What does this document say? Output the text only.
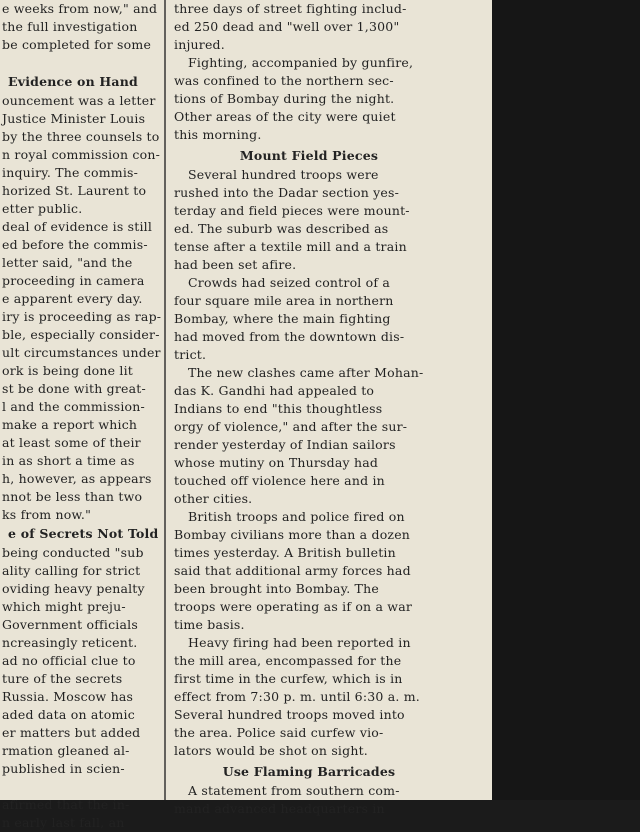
e weeks from now," and
the full investigation
be completed for some
Evidence on Hand
ouncement was a letter
Justice Minister Louis
by the three counsels to
n royal commission con-
inquiry. The commis-
horized St. Laurent to
etter public.
deal of evidence is still
ed before the commis-
letter said, "and the
proceeding in camera
e apparent every day.
iry is proceeding as rap-
ble, especially consider-
ult circumstances under
ork is being done lit
st be done with great-
l and the commission-
make a report which
at least some of their
in as short a time as
h, however, as appears
nnot be less than two
ks from now."
e of Secrets Not Told
being conducted "sub
ality calling for strict
oviding heavy penalty
which might preju-
Government officials
ncreasingly reticent.
ad no official clue to
ture of the secrets
Russia. Moscow has
aded data on atomic
er matters but added
rmation gleaned al-
published in scien-
afirmed that the in-
n early last fall, an
three days of street fighting includ-
ed 250 dead and "well over 1,300"
injured.
Fighting, accompanied by gunfire,
was confined to the northern sec-
tions of Bombay during the night.
Other areas of the city were quiet
this morning.
Mount Field Pieces
Several hundred troops were
rushed into the Dadar section yes-
terday and field pieces were mount-
ed. The suburb was described as
tense after a textile mill and a train
had been set afire.
Crowds had seized control of a
four square mile area in northern
Bombay, where the main fighting
had moved from the downtown dis-
trict.
The new clashes came after Mohan-
das K. Gandhi had appealed to
Indians to end "this thoughtless
orgy of violence," and after the sur-
render yesterday of Indian sailors
whose mutiny on Thursday had
touched off violence here and in
other cities.
British troops and police fired on
Bombay civilians more than a dozen
times yesterday. A British bulletin
said that additional army forces had
been brought into Bombay. The
troops were operating as if on a war
time basis.
Heavy firing had been reported in
the mill area, encompassed for the
first time in the curfew, which is in
effect from 7:30 p. m. until 6:30 a. m.
Several hundred troops moved into
the area. Police said curfew vio-
lators would be shot on sight.
Use Flaming Barricades
A statement from southern com-
mand advanced headquarters in
